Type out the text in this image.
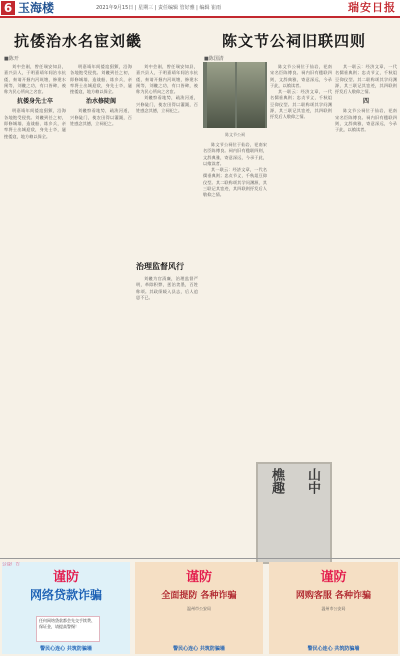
6 玉海楼	2021年9月15日 | 星期三 | 责任编辑 管好雅 | 编辑 崔雨	瑞安日报
抗倭治水名宦刘畿
■陈开
陈文节公祠旧联四则
■陈国清

刘中会刚，曾任瑞安知县，嘉兴县人，于明嘉靖年间治水抗倭，奏请开掘内河筑塘，修建水闸等，刘畿之功，有口皆碑，被称为民心所向之名宦。

抗倭身先士卒

明嘉靖年间倭寇猖獗，沿海各地饱受侵扰。刘畿到任之初，即修城墙、造战船、练乡兵，亲率将士出城迎敌，身先士卒，屡挫倭寇，地方赖以保全。

明嘉靖年间倭寇猖獗，沿海各地饱受侵扰。刘畿到任之初，即修城墙、造战船、练乡兵，亲率将士出城迎敌，身先士卒，屡挫倭寇，地方赖以保全。

治水修陡阆

刘畿察看地势，疏浚河道，兴修陡门，使农田得以灌溉，百姓感念其德，立祠祀之。

刘中会刚，曾任瑞安知县，嘉兴县人，于明嘉靖年间治水抗倭，奏请开掘内河筑塘，修建水闸等，刘畿之功，有口皆碑，被称为民心所向之名宦。

刘畿察看地势，疏浚河道，兴修陡门，使农田得以灌溉，百姓感念其德，立祠祀之。

治理监督风行

刘畿为官清廉，治理监督严明，革除积弊，惩治贪墨，百姓称颂。其政绩载入县志，后人追思不已。

陈文节公祠

陈文节公祠位于仙岩，祀南宋名臣陈傅良。祠内旧有楹联四则，文辞典雅，寄意深远，今录于此，以飨读者。

其一联云：经济文章，一代名儒垂典则；忠贞节义，千秋俎豆仰仪型。其二联称颂其学问渊源，其三联记其宦迹，其四联则抒发后人敬仰之情。

其一联云：经济文章，一代名儒垂典则；忠贞节义，千秋俎豆仰仪型。其二联称颂其学问渊源，其三联记其宦迹，其四联则抒发后人敬仰之情。

四

陈文节公祠位于仙岩，祀南宋名臣陈傅良。祠内旧有楹联四则，文辞典雅，寄意深远，今录于此，以飨读者。

陈文节公祠位于仙岩，祀南宋名臣陈傅良。祠内旧有楹联四则，文辞典雅，寄意深远，今录于此，以飨读者。

其一联云：经济文章，一代名儒垂典则；忠贞节义，千秋俎豆仰仪型。其二联称颂其学问渊源，其三联记其宦迹，其四联则抒发后人敬仰之情。

山中
樵趣
公益广告
谨防
网络贷款诈骗
任何网络贷款都会先交手续费、保证金，请提高警惕！
警民心连心 共筑防骗墙
谨防
全面提防 各种诈骗
温州市公安局
警民心连心 共筑防骗墙
谨防
网购客服 各种诈骗
温州市公安局
警民心连心 共筑防骗墙
